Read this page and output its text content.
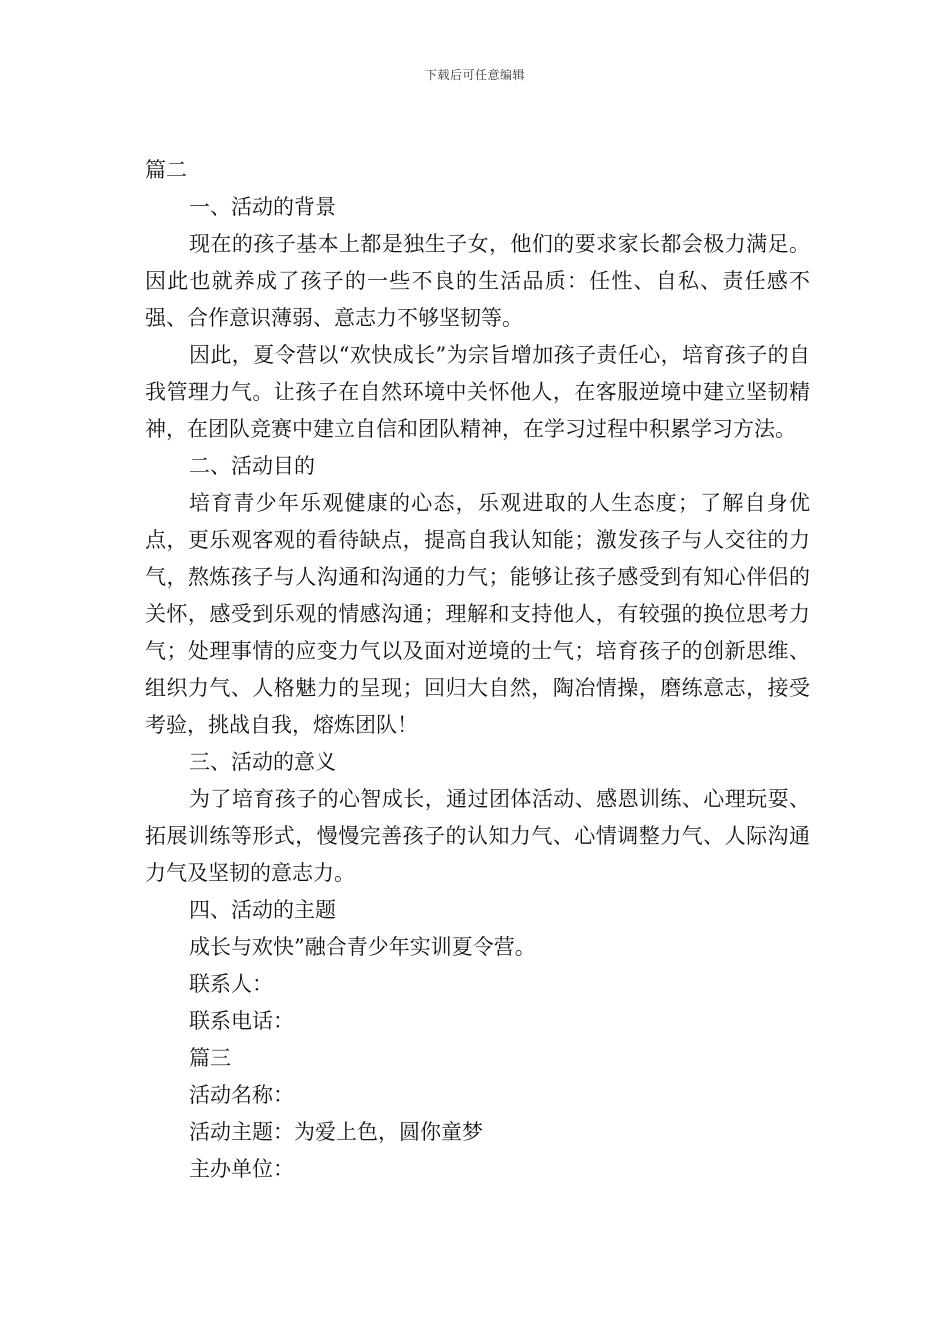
下载后可任意编辑
篇二
一、活动的背景
现在的孩子基本上都是独生子女，他们的要求家长都会极力满足。因此也就养成了孩子的一些不良的生活品质：任性、自私、责任感不强、合作意识薄弱、意志力不够坚韧等。
因此，夏令营以“欢快成长”为宗旨增加孩子责任心，培育孩子的自我管理力气。让孩子在自然环境中关怀他人，在客服逆境中建立坚韧精神，在团队竞赛中建立自信和团队精神，在学习过程中积累学习方法。
二、活动目的
培育青少年乐观健康的心态，乐观进取的人生态度；了解自身优点，更乐观客观的看待缺点，提高自我认知能；激发孩子与人交往的力气，熬炼孩子与人沟通和沟通的力气；能够让孩子感受到有知心伴侣的关怀，感受到乐观的情感沟通；理解和支持他人，有较强的换位思考力气；处理事情的应变力气以及面对逆境的士气；培育孩子的创新思维、组织力气、人格魅力的呈现；回归大自然，陶冶情操，磨练意志，接受考验，挑战自我，熔炼团队！
三、活动的意义
为了培育孩子的心智成长，通过团体活动、感恩训练、心理玩耍、拓展训练等形式，慢慢完善孩子的认知力气、心情调整力气、人际沟通力气及坚韧的意志力。
四、活动的主题
成长与欢快”融合青少年实训夏令营。
联系人：
联系电话：
篇三
活动名称：
活动主题：为爱上色，圆你童梦
主办单位：
